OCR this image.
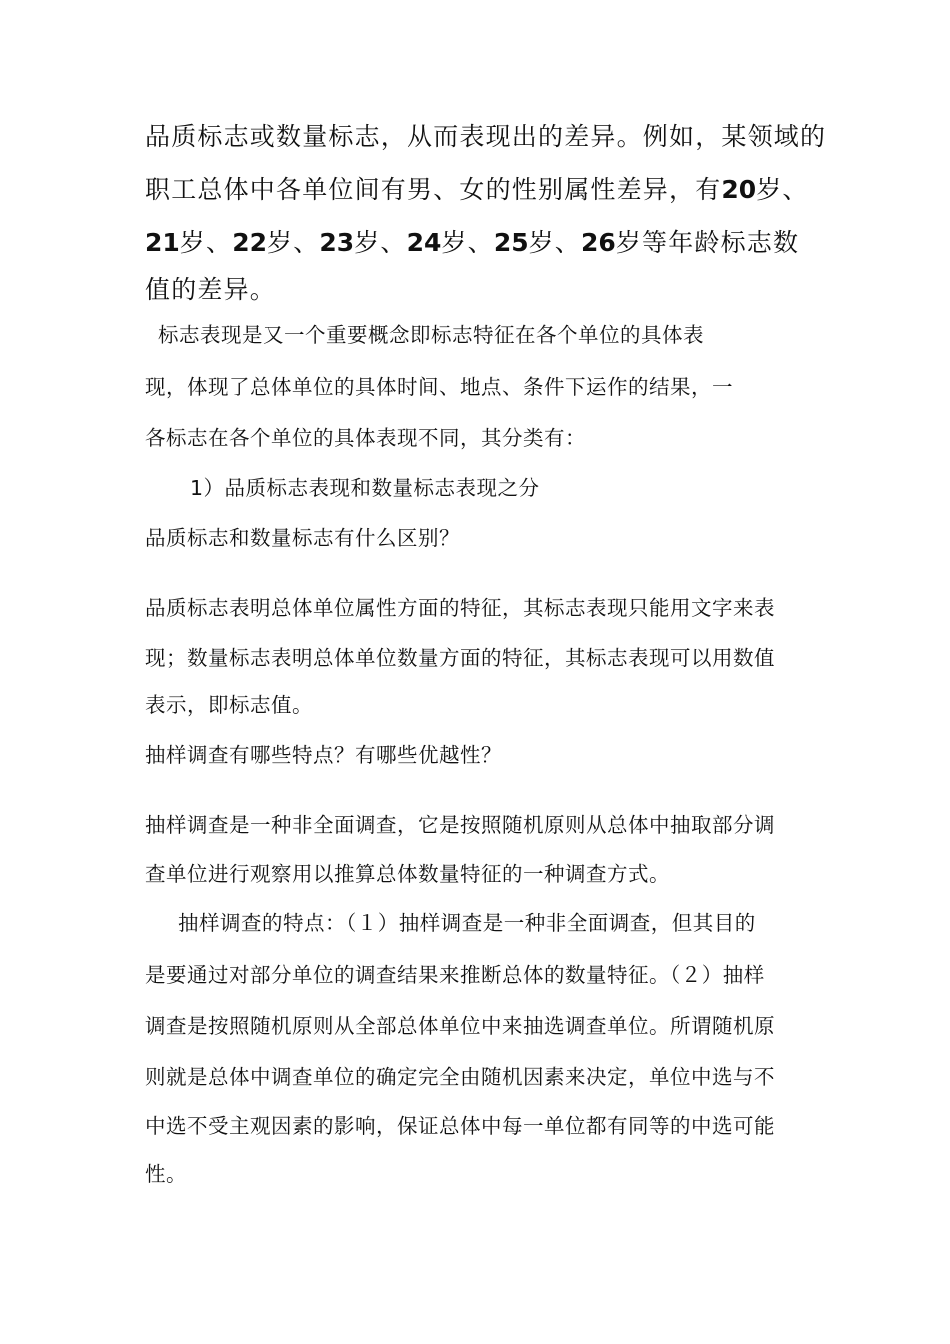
品质标志或数量标志，从而表现出的差异。例如，某领域的
职工总体中各单位间有男、女的性别属性差异，有20岁、
21岁、22岁、23岁、24岁、25岁、26岁等年龄标志数
值的差异。
标志表现是又一个重要概念即标志特征在各个单位的具体表
现，体现了总体单位的具体时间、地点、条件下运作的结果，一
各标志在各个单位的具体表现不同，其分类有：
1）品质标志表现和数量标志表现之分
品质标志和数量标志有什么区别？
品质标志表明总体单位属性方面的特征，其标志表现只能用文字来表
现；数量标志表明总体单位数量方面的特征，其标志表现可以用数值
表示，即标志值。
抽样调查有哪些特点？有哪些优越性？
抽样调查是一种非全面调查，它是按照随机原则从总体中抽取部分调
查单位进行观察用以推算总体数量特征的一种调查方式。
抽样调查的特点：（１）抽样调查是一种非全面调查，但其目的
是要通过对部分单位的调查结果来推断总体的数量特征。（２）抽样
调查是按照随机原则从全部总体单位中来抽选调查单位。所谓随机原
则就是总体中调查单位的确定完全由随机因素来决定，单位中选与不
中选不受主观因素的影响，保证总体中每一单位都有同等的中选可能
性。
